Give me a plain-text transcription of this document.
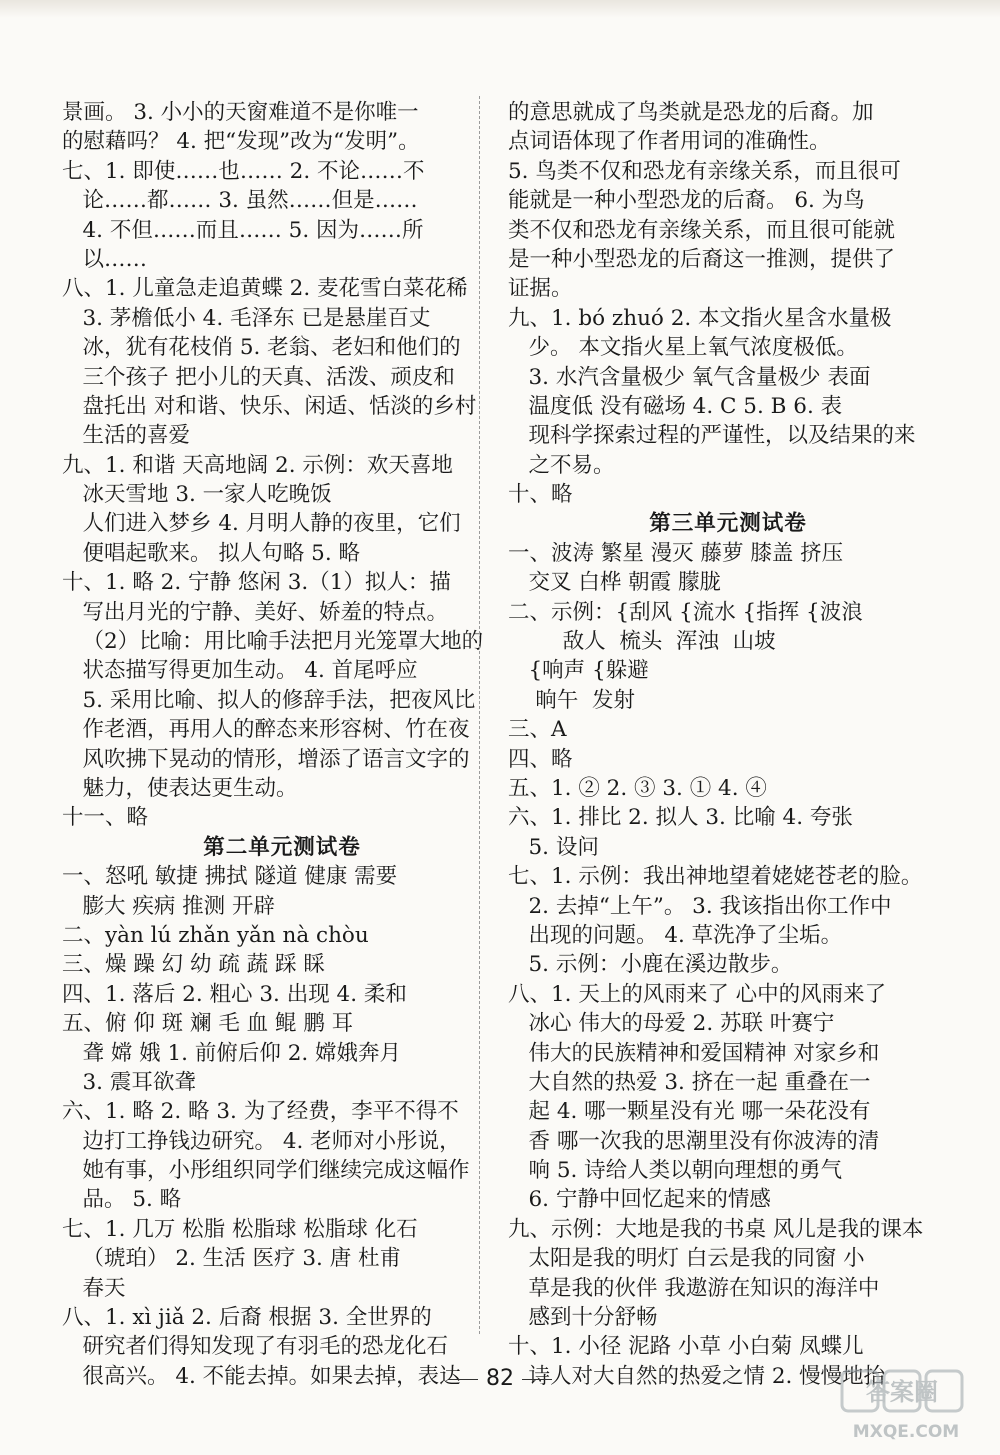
景画。 3. 小小的天窗难道不是你唯一
的慰藉吗？ 4. 把“发现”改为“发明”。
七、1. 即使……也…… 2. 不论……不
论……都…… 3. 虽然……但是……
4. 不但……而且…… 5. 因为……所
以……
八、1. 儿童急走追黄蝶 2. 麦花雪白菜花稀
3. 茅檐低小 4. 毛泽东 已是悬崖百丈
冰，犹有花枝俏 5. 老翁、老妇和他们的
三个孩子 把小儿的天真、活泼、顽皮和
盘托出 对和谐、快乐、闲适、恬淡的乡村
生活的喜爱
九、1. 和谐 天高地阔 2. 示例：欢天喜地
冰天雪地 3. 一家人吃晚饭
人们进入梦乡 4. 月明人静的夜里，它们
便唱起歌来。 拟人句略 5. 略
十、1. 略 2. 宁静 悠闲 3.（1）拟人：描
写出月光的宁静、美好、娇羞的特点。
（2）比喻：用比喻手法把月光笼罩大地的
状态描写得更加生动。 4. 首尾呼应
5. 采用比喻、拟人的修辞手法，把夜风比
作老酒，再用人的醉态来形容树、竹在夜
风吹拂下晃动的情形，增添了语言文字的
魅力，使表达更生动。
十一、略
第二单元测试卷
一、怒吼 敏捷 拂拭 隧道 健康 需要
膨大 疾病 推测 开辟
二、yàn lú zhǎn yǎn nà chòu
三、燥 躁 幻 幼 疏 蔬 踩 睬
四、1. 落后 2. 粗心 3. 出现 4. 柔和
五、俯 仰 斑 斓 毛 血 鲲 鹏 耳
聋 嫦 娥 1. 前俯后仰 2. 嫦娥奔月
3. 震耳欲聋
六、1. 略 2. 略 3. 为了经费，李平不得不
边打工挣钱边研究。 4. 老师对小彤说，
她有事，小彤组织同学们继续完成这幅作
品。 5. 略
七、1. 几万 松脂 松脂球 松脂球 化石
（琥珀） 2. 生活 医疗 3. 唐 杜甫
春天
八、1. xì jiǎ 2. 后裔 根据 3. 全世界的
研究者们得知发现了有羽毛的恐龙化石
很高兴。 4. 不能去掉。如果去掉，表达
的意思就成了鸟类就是恐龙的后裔。加
点词语体现了作者用词的准确性。
5. 鸟类不仅和恐龙有亲缘关系，而且很可
能就是一种小型恐龙的后裔。 6. 为鸟
类不仅和恐龙有亲缘关系，而且很可能就
是一种小型恐龙的后裔这一推测，提供了
证据。
九、1. bó zhuó 2. 本文指火星含水量极
少。 本文指火星上氧气浓度极低。
3. 水汽含量极少 氧气含量极少 表面
温度低 没有磁场 4. C 5. B 6. 表
现科学探索过程的严谨性，以及结果的来
之不易。
十、略
第三单元测试卷
一、波涛 繁星 漫灭 藤萝 膝盖 挤压
交叉 白桦 朝霞 朦胧
二、示例：{刮风 {流水 {指挥 {波浪
敌人  梳头  浑浊  山坡
{响声 {躲避
晌午  发射
三、A
四、略
五、1. ② 2. ③ 3. ① 4. ④
六、1. 排比 2. 拟人 3. 比喻 4. 夸张
5. 设问
七、1. 示例：我出神地望着姥姥苍老的脸。
2. 去掉“上午”。 3. 我该指出你工作中
出现的问题。 4. 草洗净了尘垢。
5. 示例：小鹿在溪边散步。
八、1. 天上的风雨来了 心中的风雨来了
冰心 伟大的母爱 2. 苏联 叶赛宁
伟大的民族精神和爱国精神 对家乡和
大自然的热爱 3. 挤在一起 重叠在一
起 4. 哪一颗星没有光 哪一朵花没有
香 哪一次我的思潮里没有你波涛的清
响 5. 诗给人类以朝向理想的勇气
6. 宁静中回忆起来的情感
九、示例：大地是我的书桌 风儿是我的课本
太阳是我的明灯 白云是我的同窗 小
草是我的伙伴 我遨游在知识的海洋中
感到十分舒畅
十、1. 小径 泥路 小草 小白菊 凤蝶儿
诗人对大自然的热爱之情 2. 慢慢地抬
82	答案圈
MXQE.COM
